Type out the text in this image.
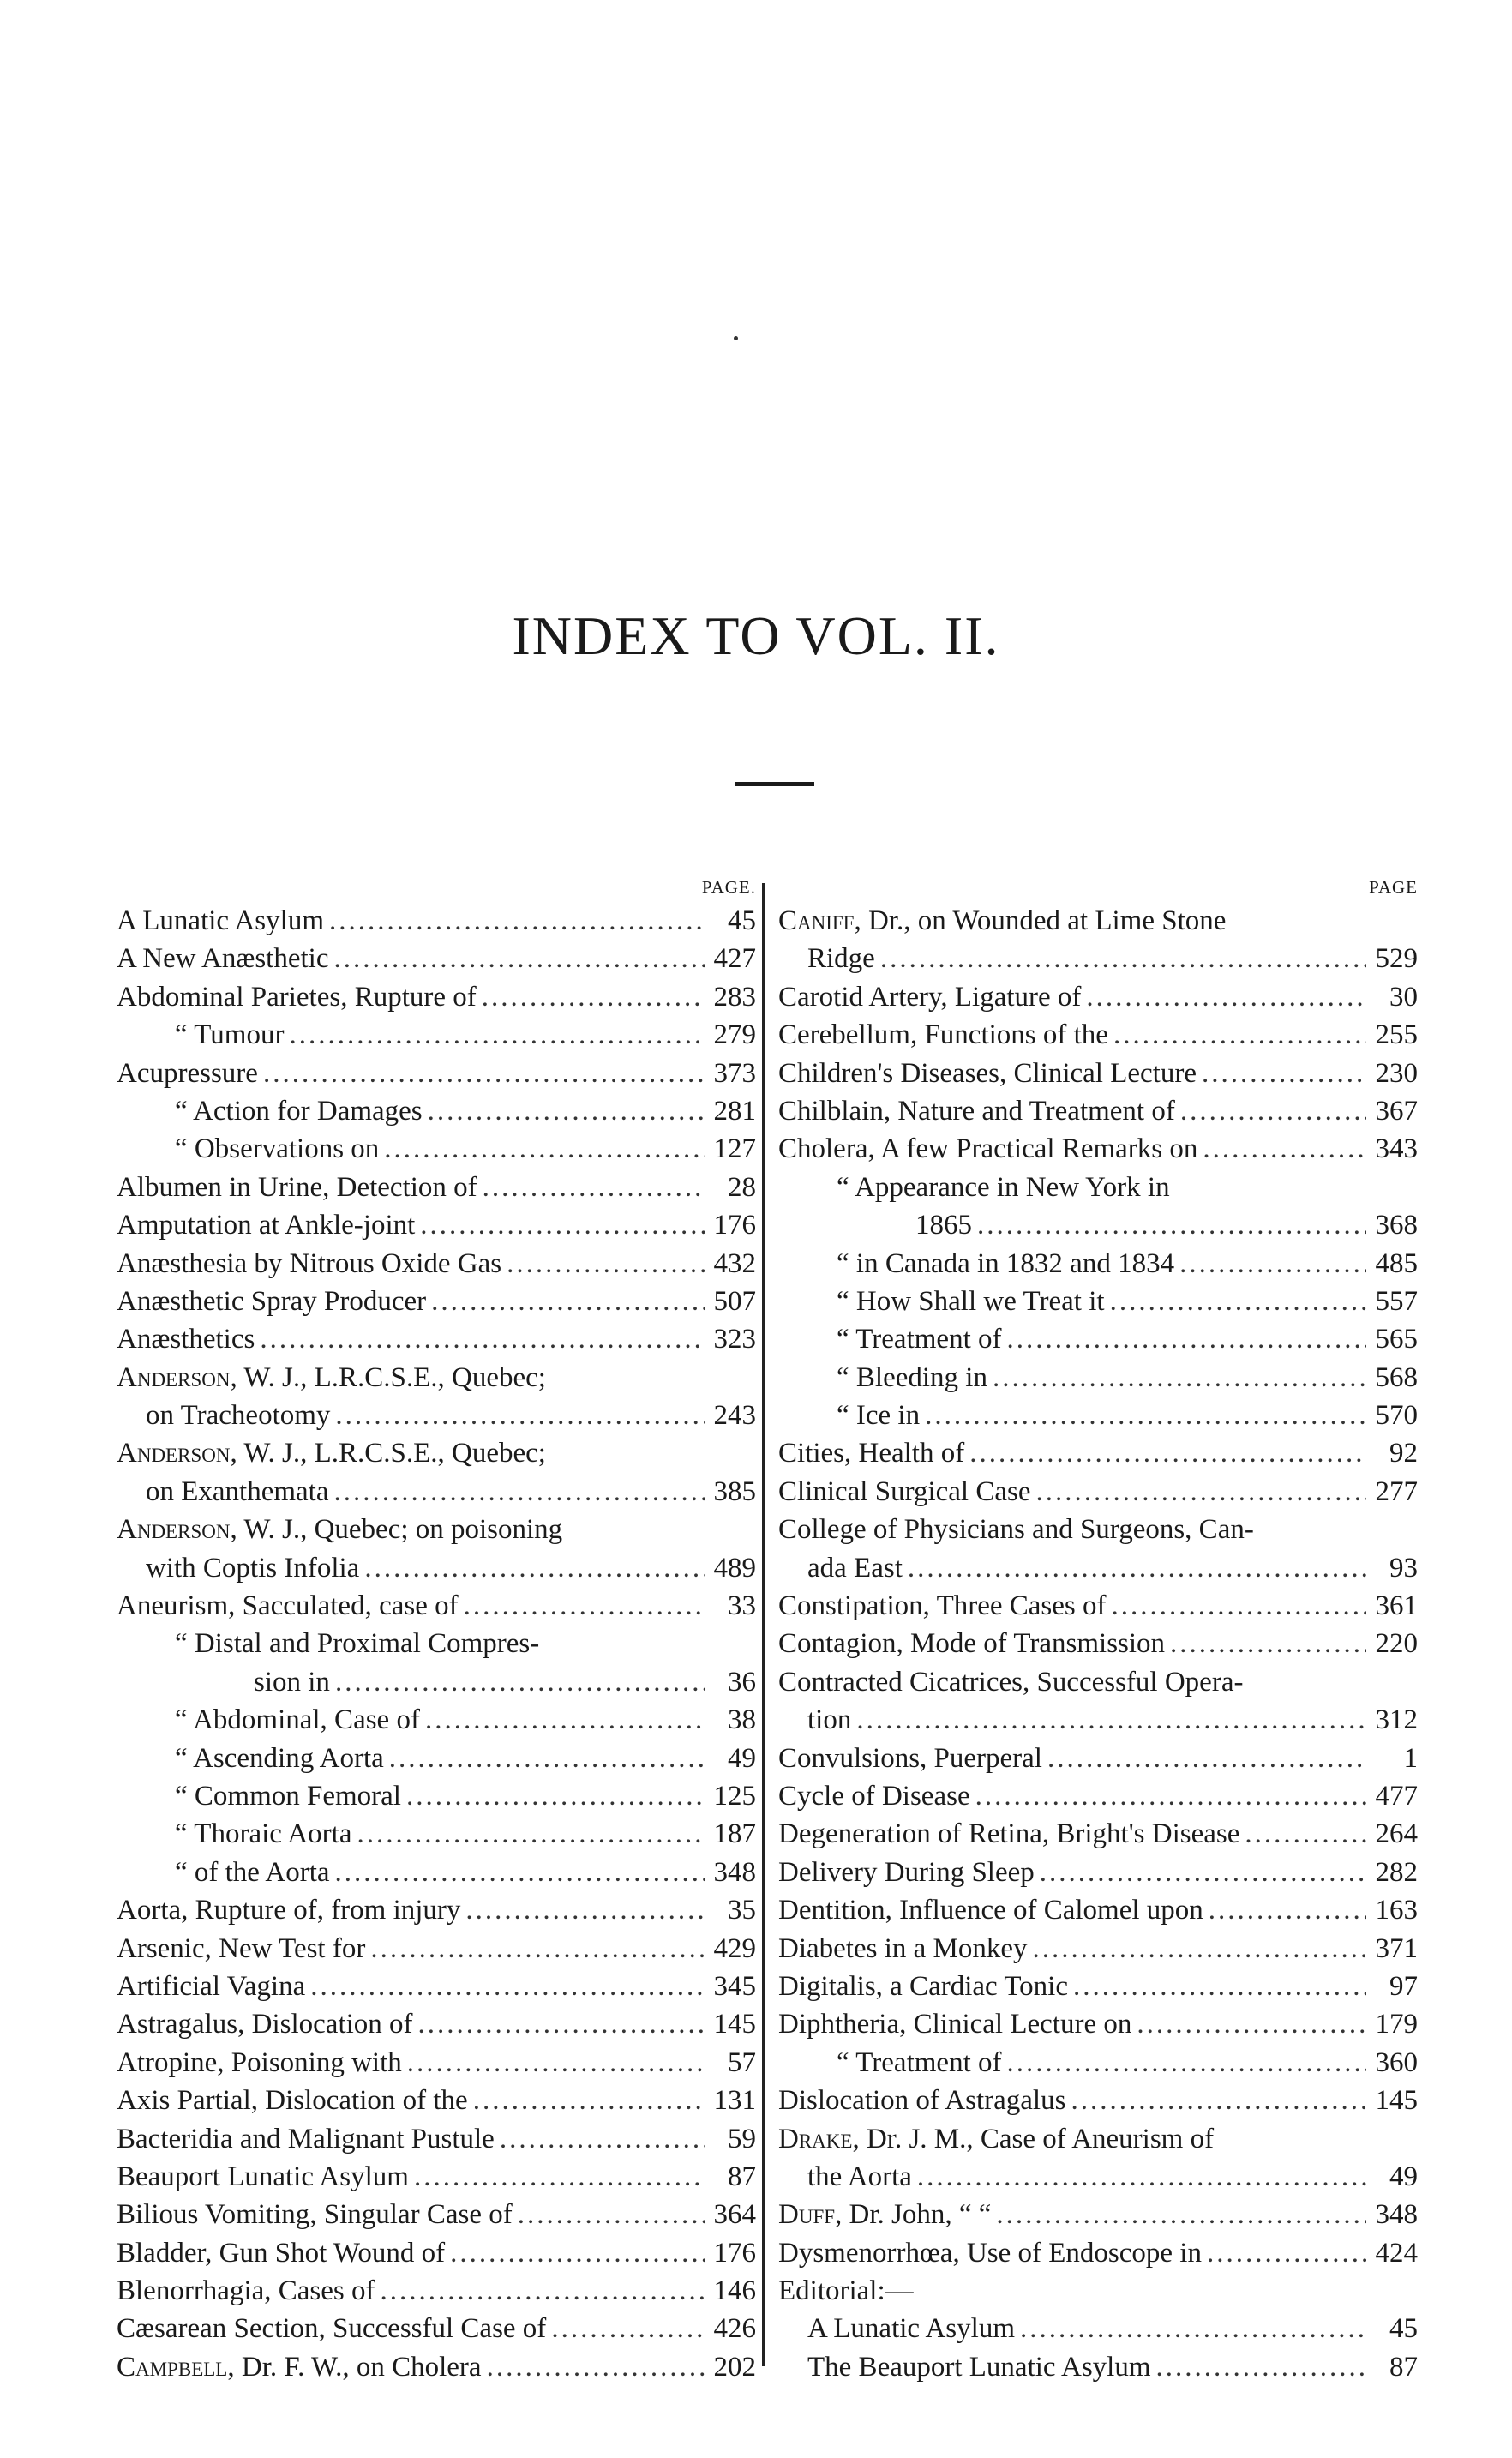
INDEX TO VOL. II.
PAGE.
A Lunatic Asylum .....	45
A New Anæsthetic .....	427
Abdominal Parietes, Rupture of .....	283
“ Tumour .....	279
Acupressure .....	373
“ Action for Damages .....	281
“ Observations on .....	127
Albumen in Urine, Detection of .....	28
Amputation at Ankle-joint .....	176
Anæsthesia by Nitrous Oxide Gas .....	432
Anæsthetic Spray Producer .....	507
Anæsthetics .....	323
Anderson, W. J., L.R.C.S.E., Quebec;
on Tracheotomy .....	243
Anderson, W. J., L.R.C.S.E., Quebec;
on Exanthemata .....	385
Anderson, W. J., Quebec; on poisoning
with Coptis Infolia .....	489
Aneurism, Sacculated, case of .....	33
“ Distal and Proximal Compres-
sion in .....	36
“ Abdominal, Case of .....	38
“ Ascending Aorta .....	49
“ Common Femoral .....	125
“ Thoraic Aorta .....	187
“ of the Aorta .....	348
Aorta, Rupture of, from injury .....	35
Arsenic, New Test for .....	429
Artificial Vagina .....	345
Astragalus, Dislocation of .....	145
Atropine, Poisoning with .....	57
Axis Partial, Dislocation of the .....	131
Bacteridia and Malignant Pustule .....	59
Beauport Lunatic Asylum .....	87
Bilious Vomiting, Singular Case of .....	364
Bladder, Gun Shot Wound of .....	176
Blenorrhagia, Cases of .....	146
Cæsarean Section, Successful Case of .....	426
Campbell, Dr. F. W., on Cholera .....	202
PAGE
Caniff, Dr., on Wounded at Lime Stone
Ridge .....	529
Carotid Artery, Ligature of .....	30
Cerebellum, Functions of the .....	255
Children's Diseases, Clinical Lecture .....	230
Chilblain, Nature and Treatment of .....	367
Cholera, A few Practical Remarks on .....	343
“ Appearance in New York in
1865 .....	368
“ in Canada in 1832 and 1834 .....	485
“ How Shall we Treat it .....	557
“ Treatment of .....	565
“ Bleeding in .....	568
“ Ice in .....	570
Cities, Health of .....	92
Clinical Surgical Case .....	277
College of Physicians and Surgeons, Can-
ada East .....	93
Constipation, Three Cases of .....	361
Contagion, Mode of Transmission .....	220
Contracted Cicatrices, Successful Opera-
tion .....	312
Convulsions, Puerperal .....	1
Cycle of Disease .....	477
Degeneration of Retina, Bright's Disease .....	264
Delivery During Sleep .....	282
Dentition, Influence of Calomel upon .....	163
Diabetes in a Monkey .....	371
Digitalis, a Cardiac Tonic .....	97
Diphtheria, Clinical Lecture on .....	179
“ Treatment of .....	360
Dislocation of Astragalus .....	145
Drake, Dr. J. M., Case of Aneurism of
the Aorta .....	49
Duff, Dr. John, “ “ .....	348
Dysmenorrhœa, Use of Endoscope in .....	424
Editorial:—
A Lunatic Asylum .....	45
The Beauport Lunatic Asylum .....	87
